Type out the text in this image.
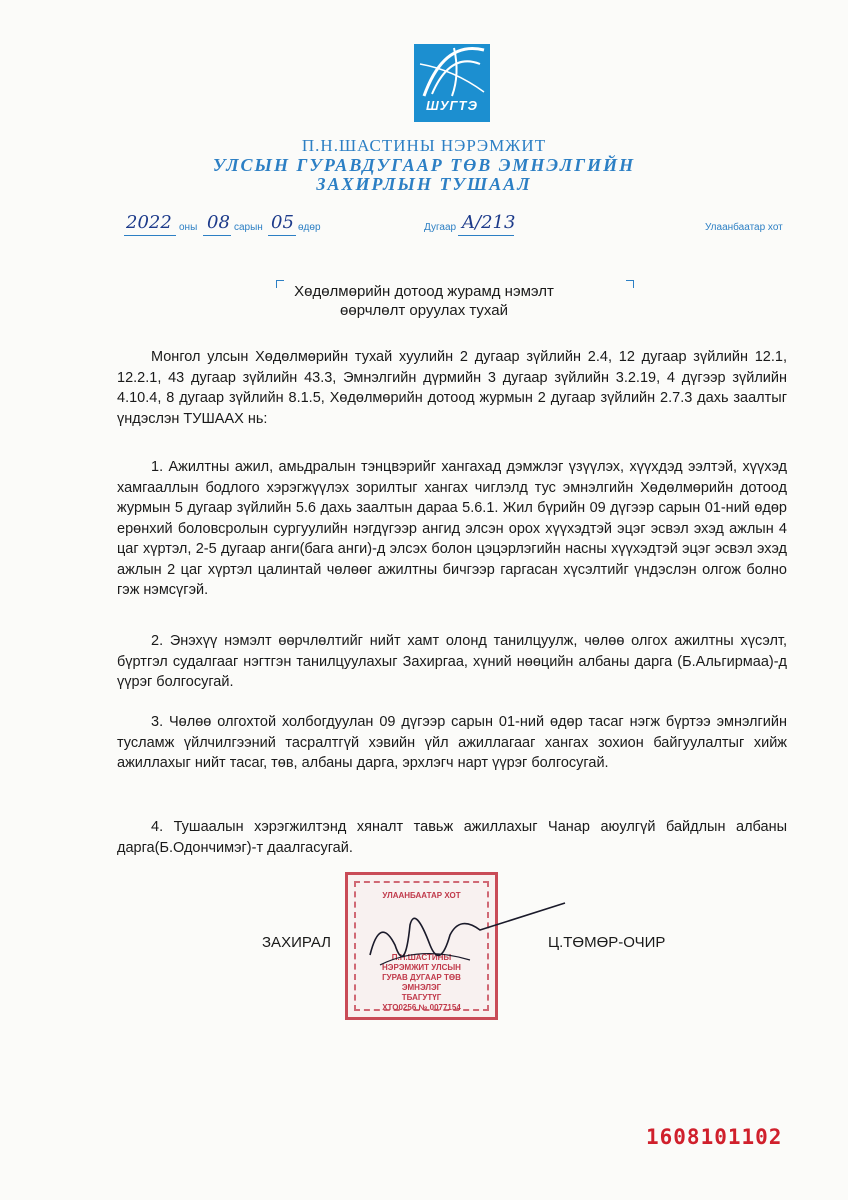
ШУГТЭ
П.Н.ШАСТИНЫ НЭРЭМЖИТ
УЛСЫН ГУРАВДУГААР ТӨВ ЭМНЭЛГИЙН
ЗАХИРЛЫН ТУШААЛ
2022 оны 08 сарын 05 өдөр	Дугаар A/213	Улаанбаатар хот
Хөдөлмөрийн дотоод журамд нэмэлт
өөрчлөлт оруулах тухай

Монгол улсын Хөдөлмөрийн тухай хуулийн 2 дугаар зүйлийн 2.4, 12 дугаар зүйлийн 12.1, 12.2.1, 43 дугаар зүйлийн 43.3, Эмнэлгийн дүрмийн 3 дугаар зүйлийн 3.2.19, 4 дүгээр зүйлийн 4.10.4, 8 дугаар зүйлийн 8.1.5, Хөдөлмөрийн дотоод журмын 2 дугаар зүйлийн 2.7.3 дахь заалтыг үндэслэн ТУШААХ нь:

1. Ажилтны ажил, амьдралын тэнцвэрийг хангахад дэмжлэг үзүүлэх, хүүхдэд ээлтэй, хүүхэд хамгааллын бодлого хэрэгжүүлэх зорилтыг хангах чиглэлд тус эмнэлгийн Хөдөлмөрийн дотоод журмын 5 дугаар зүйлийн 5.6 дахь заалтын дараа 5.6.1. Жил бүрийн 09 дүгээр сарын 01-ний өдөр ерөнхий боловсролын сургуулийн нэгдүгээр ангид элсэн орох хүүхэдтэй эцэг эсвэл эхэд ажлын 4 цаг хүртэл, 2-5 дугаар анги(бага анги)-д элсэх болон цэцэрлэгийн насны хүүхэдтэй эцэг эсвэл эхэд ажлын 2 цаг хүртэл цалинтай чөлөөг ажилтны бичгээр гаргасан хүсэлтийг үндэслэн олгож болно гэж нэмсүгэй.

2. Энэхүү нэмэлт өөрчлөлтийг нийт хамт олонд танилцуулж, чөлөө олгох ажилтны хүсэлт, бүртгэл судалгааг нэгтгэн танилцуулахыг Захиргаа, хүний нөөцийн албаны дарга (Б.Альгирмаа)-д үүрэг болгосугай.

3. Чөлөө олгохтой холбогдуулан 09 дүгээр сарын 01-ний өдөр тасаг нэгж бүртээ эмнэлгийн тусламж үйлчилгээний тасралтгүй хэвийн үйл ажиллагааг хангах зохион байгуулалтыг хийж ажиллахыг нийт тасаг, төв, албаны дарга, эрхлэгч нарт үүрэг болгосугай.

4. Тушаалын хэрэгжилтэнд хяналт тавьж ажиллахыг Чанар аюулгүй байдлын албаны дарга(Б.Одончимэг)-т даалгасугай.

УЛААНБААТАР ХОТ
П.Н.ШАСТИНЫ
НЭРЭМЖИТ УЛСЫН
ГУРАВ ДУГААР ТӨВ
ЭМНЭЛЭГ
ТБАГУТҮГ
ХТО0256 № 0077154
ЗАХИРАЛ	Ц.ТӨМӨР-ОЧИР
1608101102
